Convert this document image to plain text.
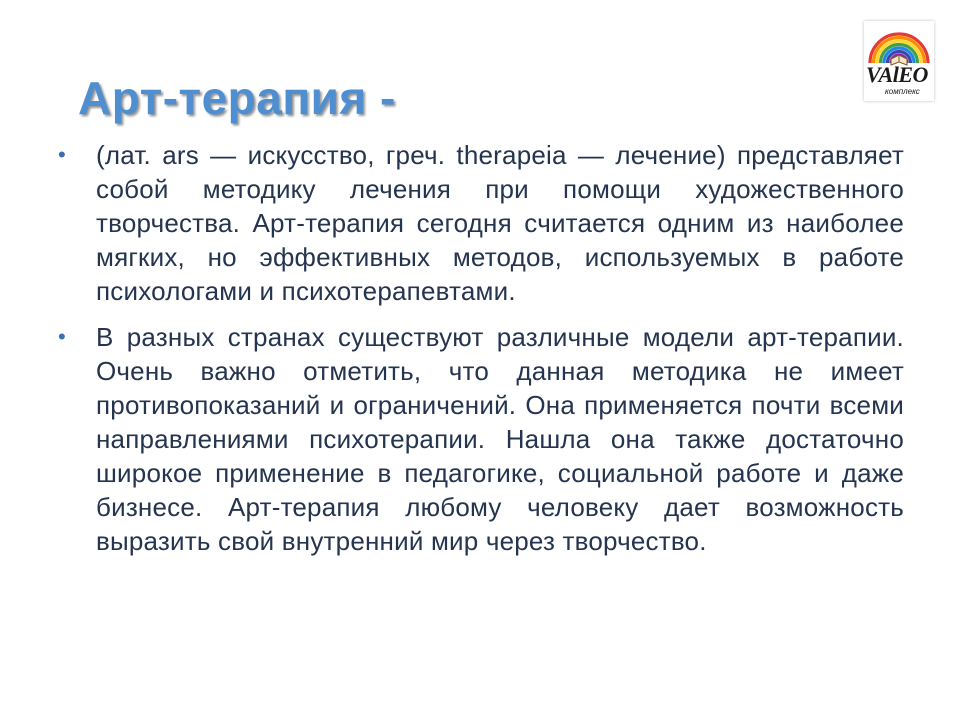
Арт-терапия -	VAlEO
комплекс
• (лат. ars — искусство, греч. therapeia — лечение) представляет собой методику лечения при помощи художественного творчества. Арт-терапия сегодня считается одним из наиболее мягких, но эффективных методов, используемых в работе психологами и психотерапевтами.
• В разных странах существуют различные модели арт-терапии. Очень важно отметить, что данная методика не имеет противопоказаний и ограничений. Она применяется почти всеми направлениями психотерапии. Нашла она также достаточно широкое применение в педагогике, социальной работе и даже бизнесе. Арт-терапия любому человеку дает возможность выразить свой внутренний мир через творчество.
